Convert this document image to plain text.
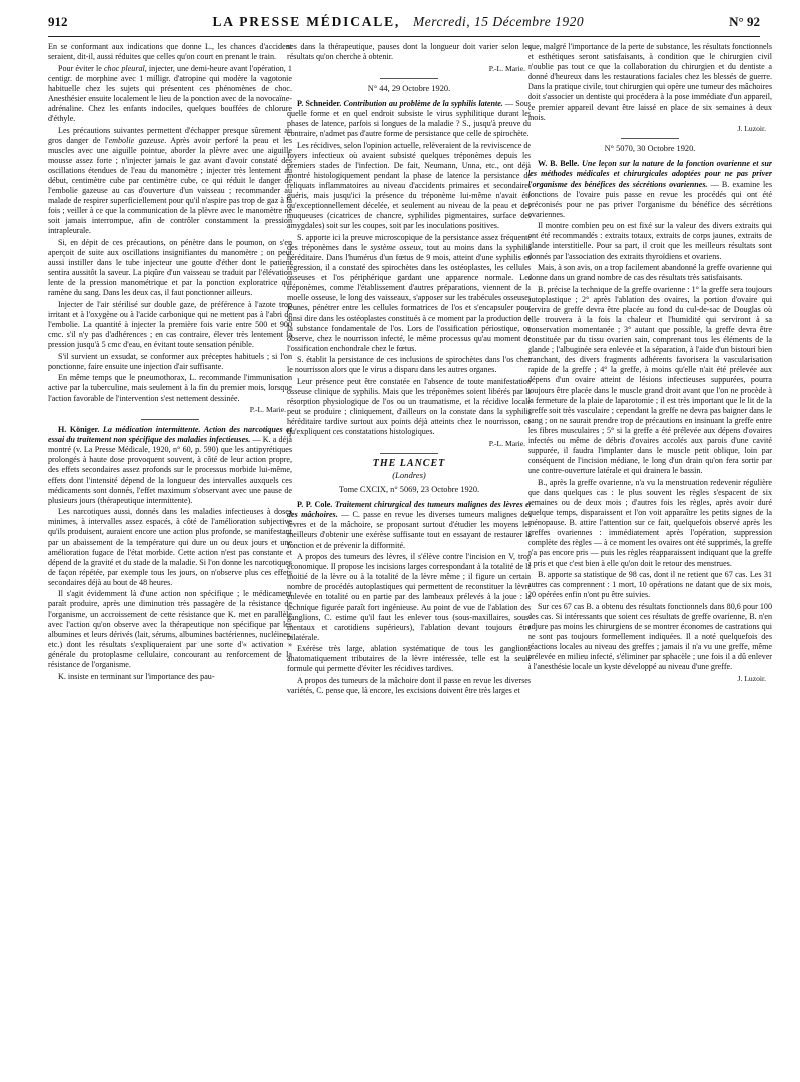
912	LA PRESSE MÉDICALE, Mercredi, 15 Décembre 1920	N° 92

En se conformant aux indications que donne L., les chances d'accident seraient, dit-il, aussi réduites que celles qu'on court en prenant le train.

Pour éviter le choc pleural, injecter, une demi-heure avant l'opération, 1 centigr. de morphine avec 1 milligr. d'atropine qui modère la vagotonie habituelle chez les sujets qui présentent ces phénomènes de choc. Anesthésier ensuite localement le lieu de la ponction avec de la novocaïne-adrénaline. Chez les enfants indociles, quelques bouffées de chlorure d'éthyle.

Les précautions suivantes permettent d'échapper presque sûrement au gros danger de l'embolie gazeuse. Après avoir perforé la peau et les muscles avec une aiguille pointue, aborder la plèvre avec une aiguille mousse assez forte ; n'injecter jamais le gaz avant d'avoir constaté des oscillations étendues de l'eau du manomètre ; injecter très lentement au début, centimètre cube par centimètre cube, ce qui réduit le danger de l'embolie gazeuse au cas d'ouverture d'un vaisseau ; recommander au malade de respirer superficiellement pour qu'il n'aspire pas trop de gaz à la fois ; veiller à ce que la communication de la plèvre avec le manomètre ne soit jamais interrompue, afin de contrôler constamment la pression intrapleurale.

Si, en dépit de ces précautions, on pénètre dans le poumon, on s'en aperçoit de suite aux oscillations insignifiantes du manomètre ; on peut aussi instiller dans le tube injecteur une goutte d'éther dont le patient sentira aussitôt la saveur. La piqûre d'un vaisseau se traduit par l'élévation lente de la pression manométrique et par la ponction exploratrice qui ramène du sang. Dans les deux cas, il faut ponctionner ailleurs.

Injecter de l'air stérilisé sur double gaze, de préférence à l'azote trop irritant et à l'oxygène ou à l'acide carbonique qui ne mettent pas à l'abri de l'embolie. La quantité à injecter la première fois varie entre 500 et 900 cmc. s'il n'y pas d'adhérences ; en cas contraire, élever très lentement la pression jusqu'à 5 cmc d'eau, en évitant toute sensation pénible.

S'il survient un exsudat, se conformer aux préceptes habituels ; si l'on ponctionne, faire ensuite une injection d'air suffisante.

En même temps que le pneumothorax, L. recommande l'immunisation active par la tuberculine, mais seulement à la fin du premier mois, lorsque l'action favorable de l'intervention s'est nettement dessinée.

P.-L. Marie.

H. Königer. La médication intermittente. Action des narcotiques et essai du traitement non spécifique des maladies infectieuses. — K. a déjà montré (v. La Presse Médicale, 1920, n° 60, p. 590) que les antipyrétiques prolongés à haute dose provoquent souvent, à côté de leur action propre, des effets secondaires assez profonds sur le processus morbide lui-même, effets dont l'intensité dépend de la longueur des intervalles auxquels ces médicaments sont donnés, l'effet maximum s'observant avec une pause de plusieurs jours (thérapeutique intermittente).

Les narcotiques aussi, donnés dans les maladies infectieuses à doses minimes, à intervalles assez espacés, à côté de l'amélioration subjective qu'ils produisent, auraient encore une action plus profonde, se manifestant par un abaissement de la température qui dure un ou deux jours et une amélioration fugace de l'état morbide. Cette action n'est pas constante et dépend de la gravité et du stade de la maladie. Si l'on donne les narcotiques de façon répétée, par exemple tous les jours, on n'observe plus ces effets secondaires déjà au bout de 48 heures.

Il s'agit évidemment là d'une action non spécifique ; le médicament paraît produire, après une diminution très passagère de la résistance de l'organisme, un accroissement de cette résistance que K. met en parallèle avec l'action qu'on observe avec la thérapeutique non spécifique par les albumines et leurs dérivés (lait, sérums, albumines bactériennes, nucléines, etc.) dont les résultats s'expliqueraient par une sorte d'« activation » générale du protoplasme cellulaire, concourant au renforcement de la résistance de l'organisme.

K. insiste en terminant sur l'importance des pau-

ses dans la thérapeutique, pauses dont la longueur doit varier selon les résultats qu'on cherche à obtenir.

P.-L. Marie.
N° 44, 29 Octobre 1920.

P. Schneider. Contribution au problème de la syphilis latente. — Sous quelle forme et en quel endroit subsiste le virus syphilitique durant les phases de latence, parfois si longues de la maladie ? S., jusqu'à preuve du contraire, n'admet pas d'autre forme de persistance que celle de spirochète.

Les récidives, selon l'opinion actuelle, relèveraient de la reviviscence de foyers infectieux où avaient subsisté quelques tréponèmes depuis les premiers stades de l'infection. De fait, Neumann, Unna, etc., ont déjà montré histologiquement pendant la phase de latence la persistance de reliquats inflammatoires au niveau d'accidents primaires et secondaires guéris, mais jusqu'ici la présence du tréponème lui-même n'avait été qu'exceptionnellement décelée, et seulement au niveau de la peau et des muqueuses (cicatrices de chancre, syphilides pigmentaires, surface des amygdales) soit sur les coupes, soit par les inoculations positives.

S. apporte ici la preuve microscopique de la persistance assez fréquente des tréponèmes dans le système osseux, tout au moins dans la syphilis héréditaire. Dans l'humérus d'un fœtus de 9 mois, atteint d'une syphilis en régression, il a constaté des spirochètes dans les ostéoplastes, les cellules osseuses et l'os périphérique gardant une apparence normale. Les tréponèmes, comme l'établissement d'autres préparations, viennent de la moelle osseuse, le long des vaisseaux, s'apposer sur les trabécules osseuses jeunes, pénétrer entre les cellules formatrices de l'os et s'encapsuler pour ainsi dire dans les ostéoplastes constitués à ce moment par la production de la substance fondamentale de l'os. Lors de l'ossification périostique, on observe, chez le nourrisson infecté, le même processus qu'au moment de l'ossification enchondrale chez le fœtus.

S. établit la persistance de ces inclusions de spirochètes dans l'os chez le nourrisson alors que le virus a disparu dans les autres organes.

Leur présence peut être constatée en l'absence de toute manifestation osseuse clinique de syphilis. Mais que les tréponèmes soient libérés par la résorption physiologique de l'os ou un traumatisme, et la récidive locale peut se produire ; cliniquement, d'ailleurs on la constate dans la syphilis héréditaire tardive surtout aux points déjà atteints chez le nourrisson, ce qu'expliquent ces constatations histologiques.

P.-L. Marie.
THE LANCET
(Londres)
Tome CXCIX, n° 5069, 23 Octobre 1920.

P. P. Cole. Traitement chirurgical des tumeurs malignes des lèvres et des mâchoires. — C. passe en revue les diverses tumeurs malignes des lèvres et de la mâchoire, se proposant surtout d'étudier les moyens les meilleurs d'obtenir une exérèse suffisante tout en essayant de restaurer la fonction et de prévenir la difformité.

A propos des tumeurs des lèvres, il s'élève contre l'incision en V, trop économique. Il propose les incisions larges correspondant à la totalité de la moitié de la lèvre ou à la totalité de la lèvre même ; il figure un certain nombre de procédés autoplastiques qui permettent de reconstituer la lèvre enlevée en totalité ou en partie par des lambeaux prélevés à la joue : la technique figurée paraît fort ingénieuse. Au point de vue de l'ablation des ganglions, C. estime qu'il faut les enlever tous (sous-maxillaires, sous-mentaux et carotidiens supérieurs), l'ablation devant toujours être bilatérale.

Exérèse très large, ablation systématique de tous les ganglions anatomatiquement tributaires de la lèvre intéressée, telle est la seule formule qui permette d'éviter les récidives tardives.

A propos des tumeurs de la mâchoire dont il passe en revue les diverses variétés, C. pense que, là encore, les excisions doivent être très larges et

que, malgré l'importance de la perte de substance, les résultats fonctionnels et esthétiques seront satisfaisants, à condition que le chirurgien civil n'oublie pas tout ce que la collaboration du chirurgien et du dentiste a donné d'heureux dans les restaurations faciales chez les blessés de guerre. Dans la pratique civile, tout chirurgien qui opère une tumeur des mâchoires doit s'associer un dentiste qui procédera à la pose immédiate d'un appareil, ce premier appareil devant être laissé en place de six semaines à deux mois.

J. Luzoir.
N° 5070, 30 Octobre 1920.

W. B. Belle. Une leçon sur la nature de la fonction ovarienne et sur les méthodes médicales et chirurgicales adoptées pour ne pas priver l'organisme des bénéfices des sécrétions ovariennes. — B. examine les fonctions de l'ovaire puis passe en revue les procédés qui ont été préconisés pour ne pas priver l'organisme du bénéfice des sécrétions ovariennes.

Il montre combien peu on est fixé sur la valeur des divers extraits qui ont été recommandés : extraits totaux, extraits de corps jaunes, extraits de glande interstitielle. Pour sa part, il croit que les meilleurs résultats sont donnés par l'association des extraits thyroïdiens et ovariens.

Mais, à son avis, on a trop facilement abandonné la greffe ovarienne qui donne dans un grand nombre de cas des résultats très satisfaisants.

B. précise la technique de la greffe ovarienne : 1° la greffe sera toujours autoplastique ; 2° après l'ablation des ovaires, la portion d'ovaire qui servira de greffe devra être placée au fond du cul-de-sac de Douglas où elle trouvera à la fois la chaleur et l'humidité qui serviront à sa conservation momentanée ; 3° autant que possible, la greffe devra être constituée par du tissu ovarien sain, comprenant tous les éléments de la glande ; l'albuginée sera enlevée et la séparation, à l'aide d'un bistouri bien tranchant, des divers fragments adhérents favorisera la vascularisation rapide de la greffe ; 4° la greffe, à moins qu'elle n'ait été prélevée aux dépens d'un ovaire atteint de lésions infectieuses suppurées, pourra toujours être placée dans le muscle grand droit avant que l'on ne procède à la fermeture de la plaie de laparotomie ; il est très important que le lit de la greffe soit très vasculaire ; cependant la greffe ne devra pas baigner dans le sang ; on ne saurait prendre trop de précautions en insinuant la greffe entre les fibres musculaires ; 5° si la greffe a été prélevée aux dépens d'ovaires infectés ou même de débris d'ovaires accolés aux parois d'une cavité suppurée, il faudra l'implanter dans le muscle petit oblique, loin par conséquent de l'incision médiane, le long d'un drain qu'on fera sortir par une contre-ouverture latérale et qui drainera le bassin.

B., après la greffe ovarienne, n'a vu la menstruation redevenir régulière que dans quelques cas : le plus souvent les règles s'espacent de six semaines ou de deux mois ; d'autres fois les règles, après avoir duré quelque temps, disparaissent et l'on voit apparaître les petits signes de la ménopause. B. attire l'attention sur ce fait, quelquefois observé après les greffes ovariennes : immédiatement après l'opération, suppression complète des règles — à ce moment les ovaires ont été supprimés, la greffe n'a pas encore pris — puis les règles réapparaissent indiquant que la greffe a pris et que c'est bien à elle qu'on doit le retour des menstrues.

B. apporte sa statistique de 98 cas, dont il ne retient que 67 cas. Les 31 autres cas comprennent : 1 mort, 10 opérations ne datant que de six mois, 20 opérées enfin n'ont pu être suivies.

Sur ces 67 cas B. a obtenu des résultats fonctionnels dans 80,6 pour 100 des cas. Si intéressants que soient ces résultats de greffe ovarienne, B. n'en adjure pas moins les chirurgiens de se montrer économes de castrations qui ne sont pas toujours formellement indiquées. Il a noté quelquefois des réactions locales au niveau des greffes ; jamais il n'a vu une greffe, même prélevée en milieu infecté, s'éliminer par sphacèle ; une fois il a dû enlever à l'anesthésie locale un kyste développé au niveau d'une greffe.

J. Luzoir.
